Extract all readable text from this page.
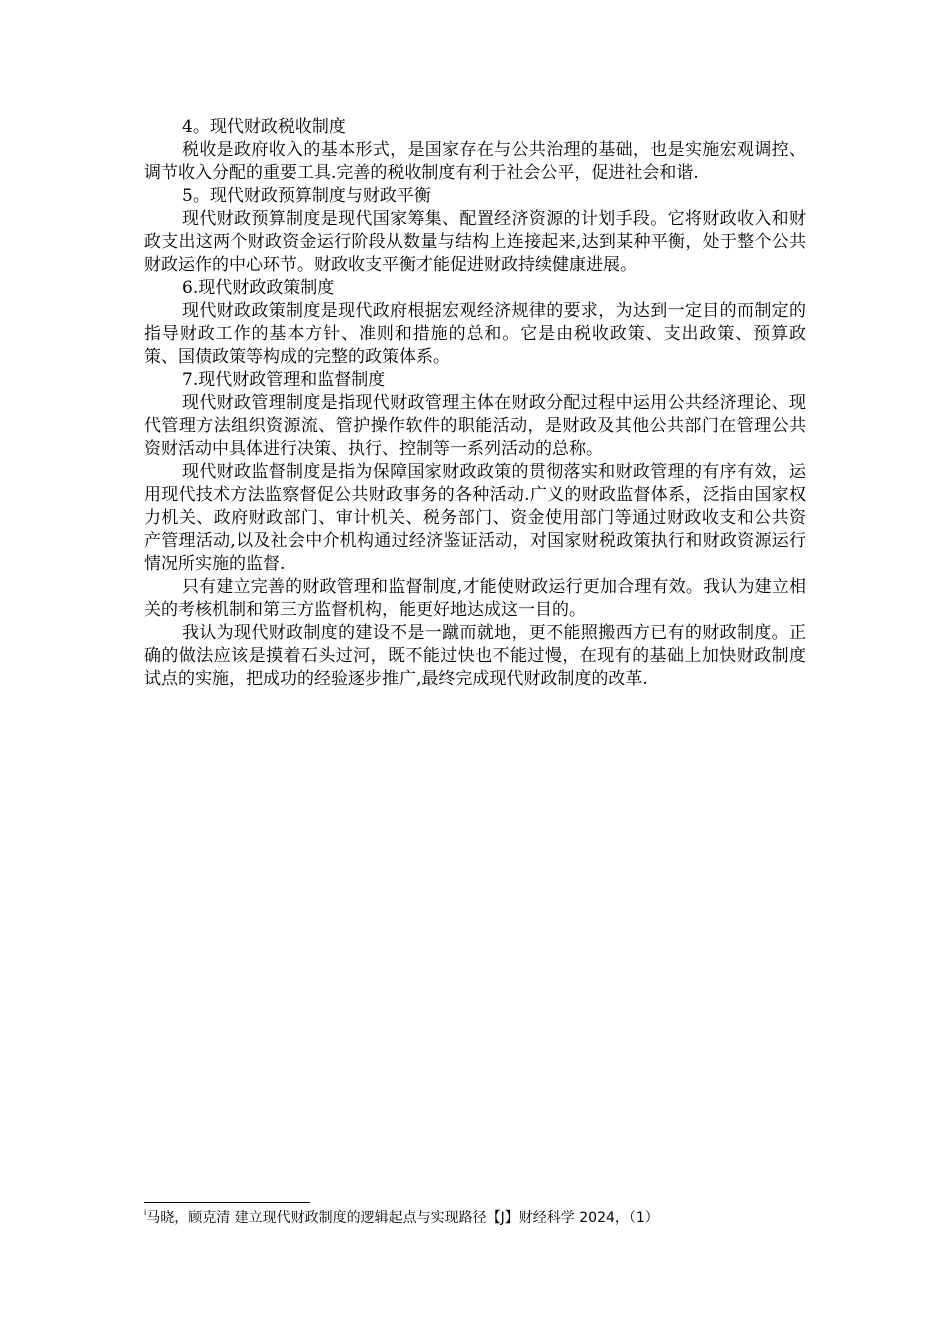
4。现代财政税收制度

税收是政府收入的基本形式，是国家存在与公共治理的基础，也是实施宏观调控、调节收入分配的重要工具.完善的税收制度有利于社会公平，促进社会和谐.

5。现代财政预算制度与财政平衡

现代财政预算制度是现代国家筹集、配置经济资源的计划手段。它将财政收入和财政支出这两个财政资金运行阶段从数量与结构上连接起来,达到某种平衡，处于整个公共财政运作的中心环节。财政收支平衡才能促进财政持续健康进展。

6.现代财政政策制度

现代财政政策制度是现代政府根据宏观经济规律的要求，为达到一定目的而制定的指导财政工作的基本方针、准则和措施的总和。它是由税收政策、支出政策、预算政策、国债政策等构成的完整的政策体系。

7.现代财政管理和监督制度

现代财政管理制度是指现代财政管理主体在财政分配过程中运用公共经济理论、现代管理方法组织资源流、管护操作软件的职能活动，是财政及其他公共部门在管理公共资财活动中具体进行决策、执行、控制等一系列活动的总称。

现代财政监督制度是指为保障国家财政政策的贯彻落实和财政管理的有序有效，运用现代技术方法监察督促公共财政事务的各种活动.广义的财政监督体系，泛指由国家权力机关、政府财政部门、审计机关、税务部门、资金使用部门等通过财政收支和公共资产管理活动,以及社会中介机构通过经济鉴证活动，对国家财税政策执行和财政资源运行情况所实施的监督.

只有建立完善的财政管理和监督制度,才能使财政运行更加合理有效。我认为建立相关的考核机制和第三方监督机构，能更好地达成这一目的。

我认为现代财政制度的建设不是一蹴而就地，更不能照搬西方已有的财政制度。正确的做法应该是摸着石头过河，既不能过快也不能过慢，在现有的基础上加快财政制度试点的实施，把成功的经验逐步推广,最终完成现代财政制度的改革.

$^i$马晓，顾克清 建立现代财政制度的逻辑起点与实现路径【J】财经科学 2024，（1）
